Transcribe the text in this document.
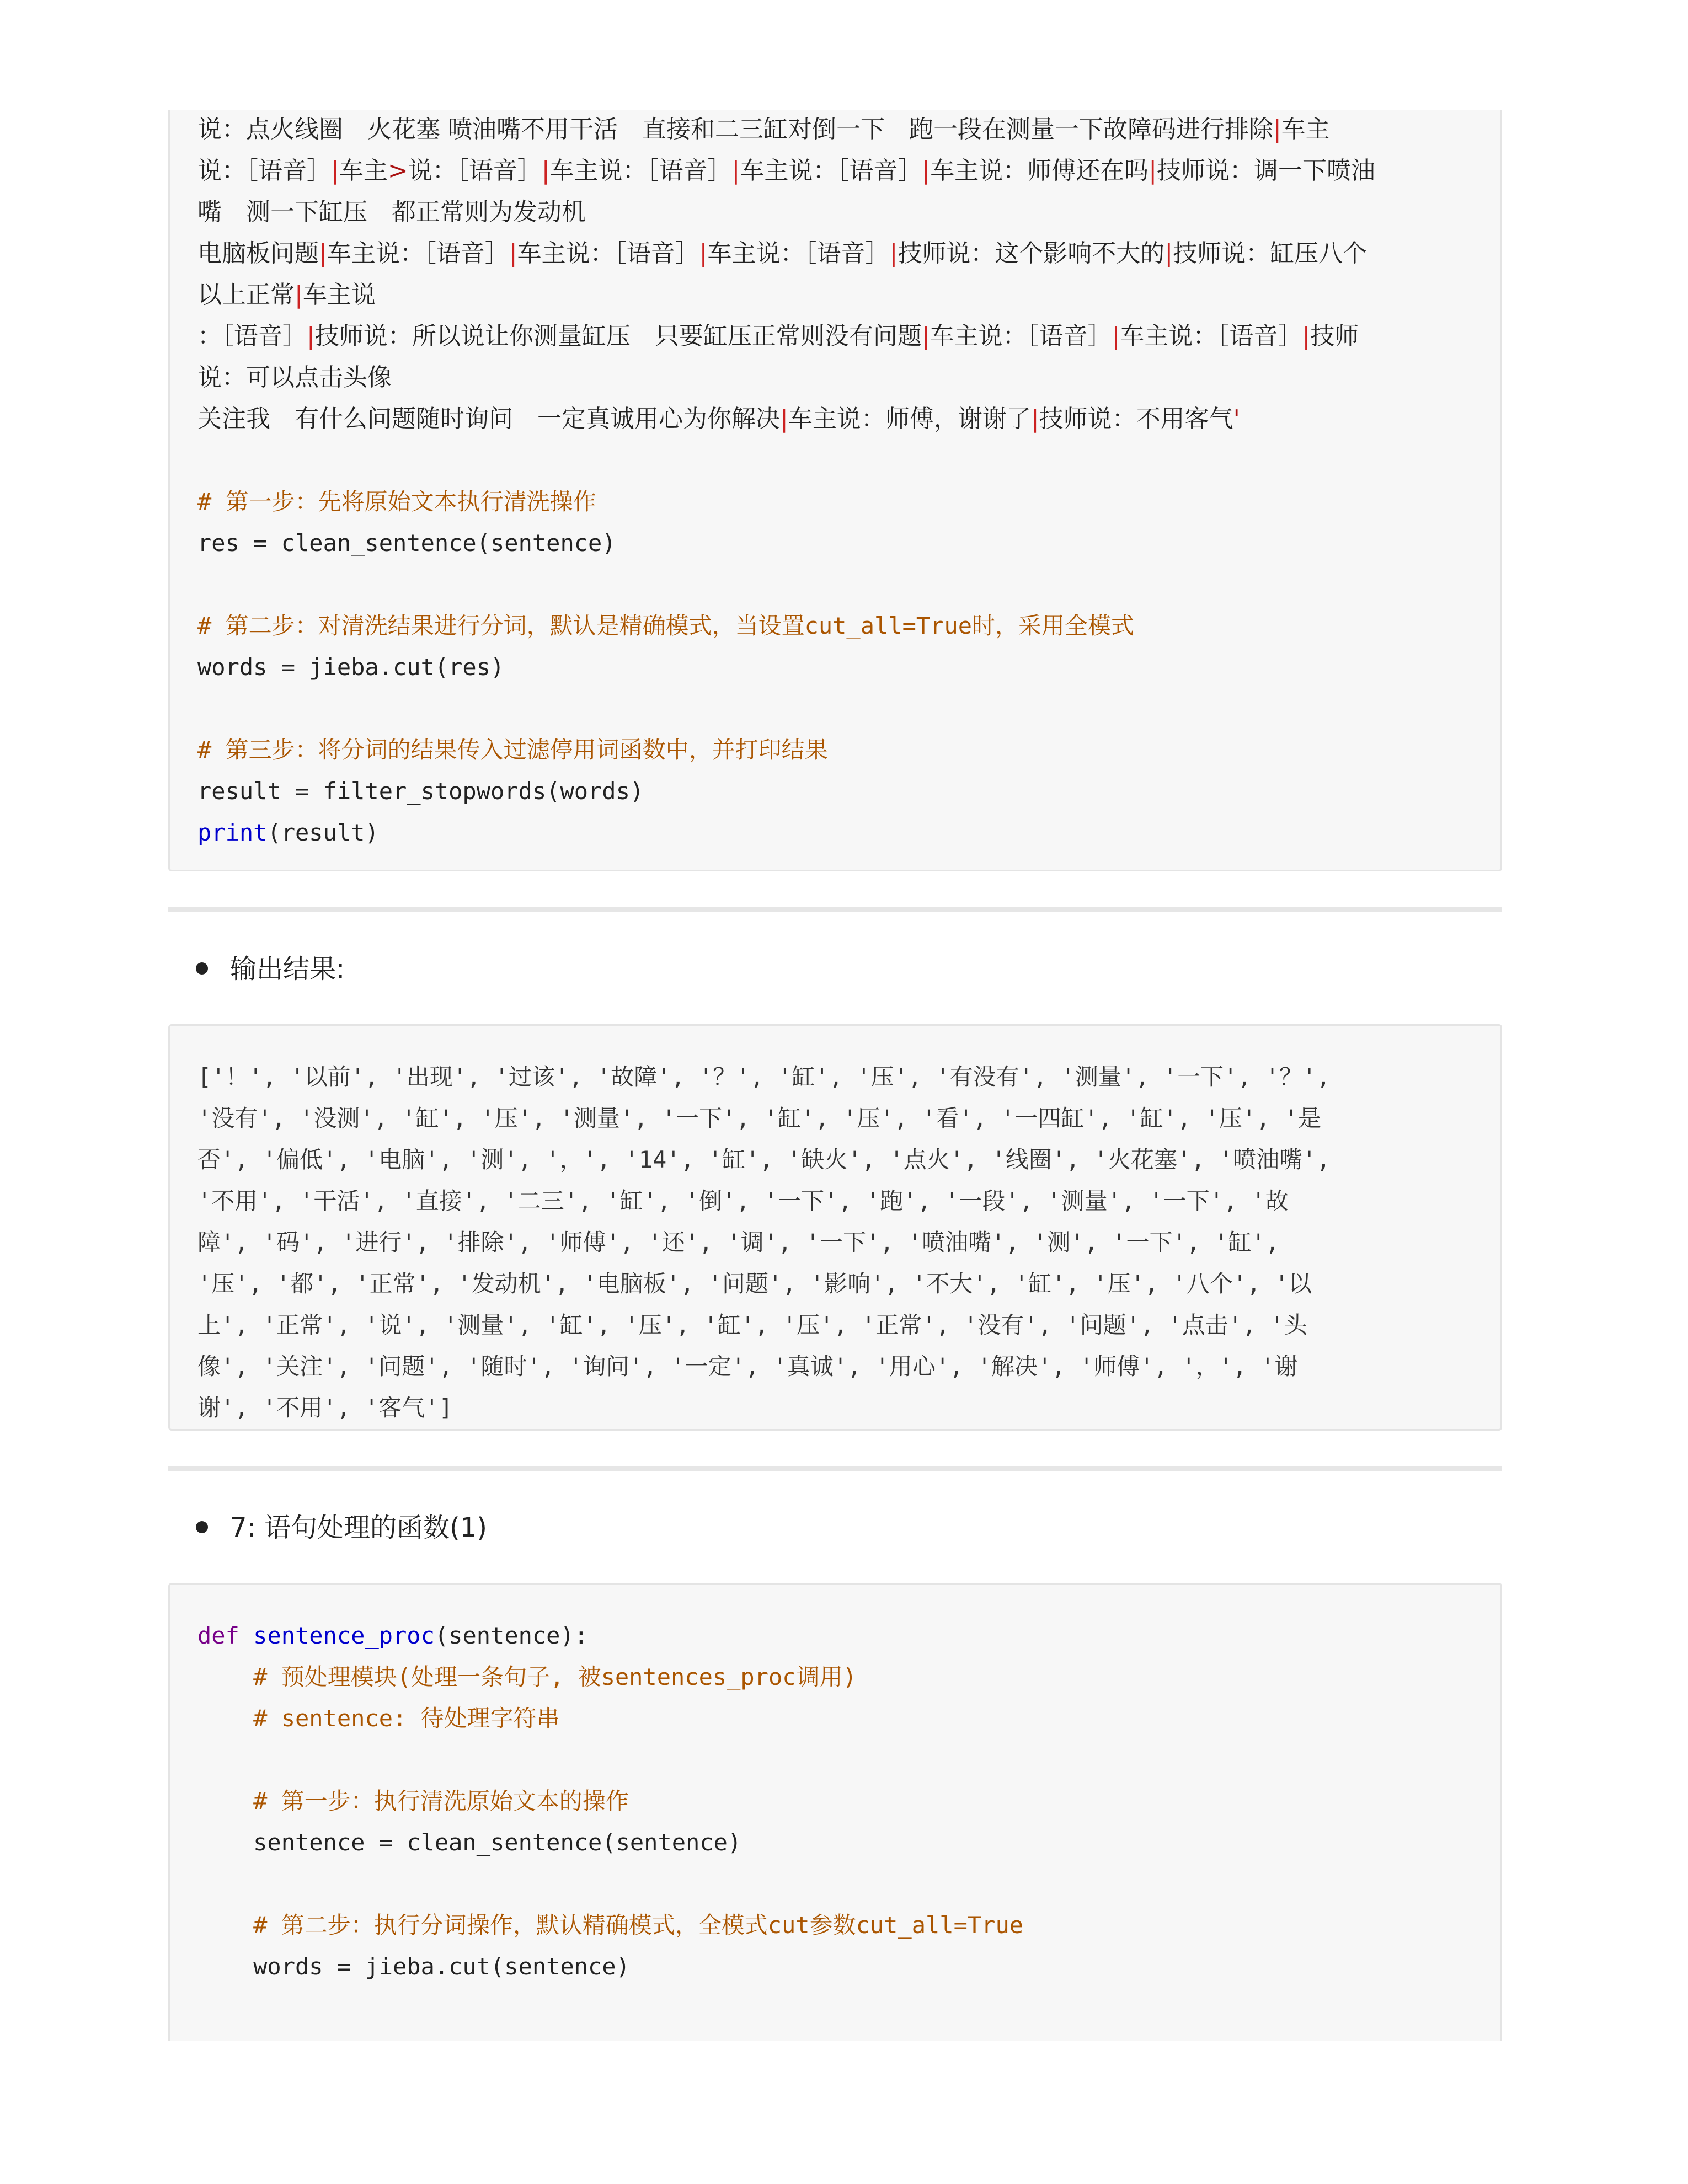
说：点火线圈　火花塞 喷油嘴不用干活　直接和二三缸对倒一下　跑一段在测量一下故障码进行排除|车主
说：［语音］|车主>说：［语音］|车主说：［语音］|车主说：［语音］|车主说：师傅还在吗|技师说：调一下喷油
嘴　测一下缸压　都正常则为发动机
电脑板问题|车主说：［语音］|车主说：［语音］|车主说：［语音］|技师说：这个影响不大的|技师说：缸压八个
以上正常|车主说
：［语音］|技师说：所以说让你测量缸压　只要缸压正常则没有问题|车主说：［语音］|车主说：［语音］|技师
说：可以点击头像
关注我　有什么问题随时询问　一定真诚用心为你解决|车主说：师傅，谢谢了|技师说：不用客气'
# 第一步：先将原始文本执行清洗操作
res = clean_sentence(sentence)
# 第二步：对清洗结果进行分词，默认是精确模式，当设置cut_all=True时，采用全模式
words = jieba.cut(res)
# 第三步：将分词的结果传入过滤停用词函数中，并打印结果
result = filter_stopwords(words)
print(result)
输出结果:
['！', '以前', '出现', '过该', '故障', '？', '缸', '压', '有没有', '测量', '一下', '？',
'没有', '没测', '缸', '压', '测量', '一下', '缸', '压', '看', '一四缸', '缸', '压', '是
否', '偏低', '电脑', '测', '，', '14', '缸', '缺火', '点火', '线圈', '火花塞', '喷油嘴',
'不用', '干活', '直接', '二三', '缸', '倒', '一下', '跑', '一段', '测量', '一下', '故
障', '码', '进行', '排除', '师傅', '还', '调', '一下', '喷油嘴', '测', '一下', '缸',
'压', '都', '正常', '发动机', '电脑板', '问题', '影响', '不大', '缸', '压', '八个', '以
上', '正常', '说', '测量', '缸', '压', '缸', '压', '正常', '没有', '问题', '点击', '头
像', '关注', '问题', '随时', '询问', '一定', '真诚', '用心', '解决', '师傅', '，', '谢
谢', '不用', '客气']
7: 语句处理的函数(1)
def sentence_proc(sentence):
# 预处理模块(处理一条句子, 被sentences_proc调用)
# sentence: 待处理字符串
# 第一步：执行清洗原始文本的操作
sentence = clean_sentence(sentence)
# 第二步：执行分词操作，默认精确模式，全模式cut参数cut_all=True
words = jieba.cut(sentence)
